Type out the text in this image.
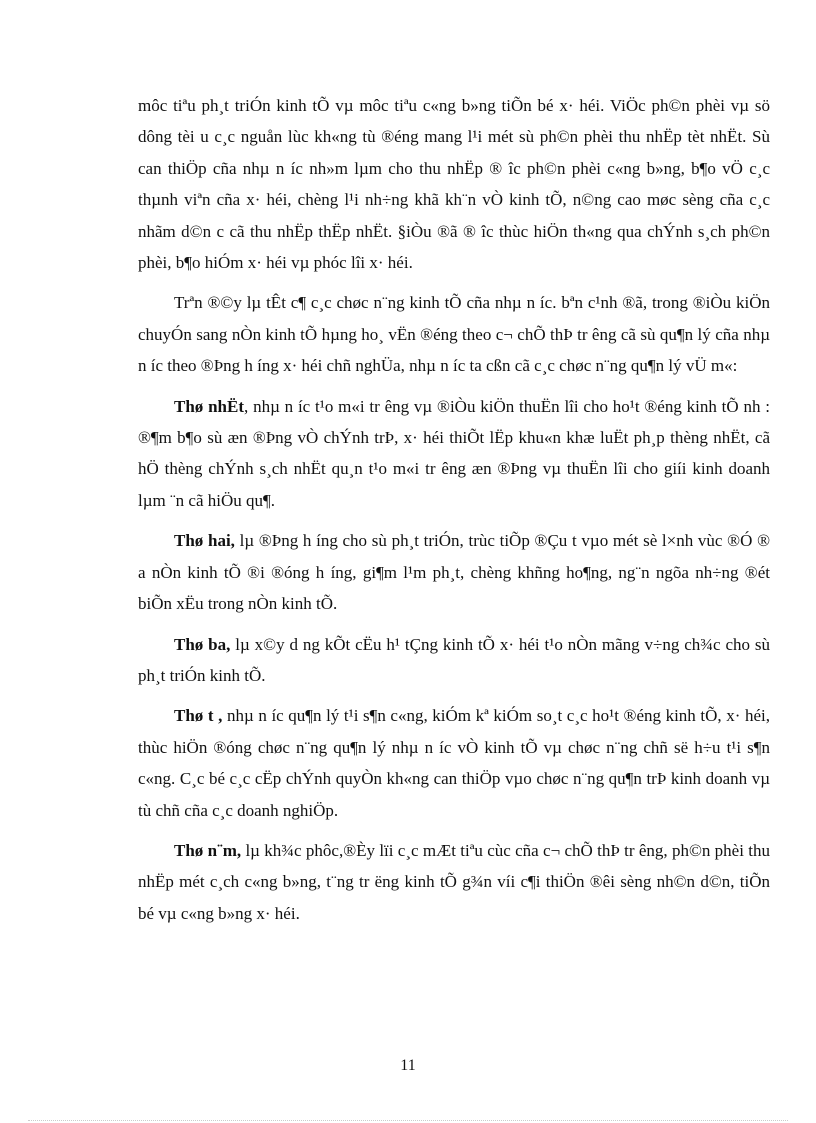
môc tiªu ph¸t triÓn kinh tÕ vµ môc tiªu c«ng b»ng tiÕn bé x· héi. ViÖc ph©n phèi vµ sö dông tèi u c¸c nguån lùc kh«ng tù ®éng mang l¹i mét sù ph©n phèi thu nhËp tèt nhËt. Sù can thiÖp cña nhµ n íc nh»m lµm cho thu nhËp ® îc ph©n phèi c«ng b»ng, b¶o vÖ c¸c thµnh viªn cña x· héi, chèng l¹i nh÷ng khã kh¨n vÒ kinh tÕ, n©ng cao møc sèng cña c¸c nhãm d©n c cã thu nhËp thËp nhËt. §iÒu ®ã ® îc thùc hiÖn th«ng qua chÝnh s¸ch ph©n phèi, b¶o hiÓm x· héi vµ phóc lîi x· héi.

Trªn ®©y lµ tÊt c¶ c¸c chøc n¨ng kinh tÕ cña nhµ n íc. bªn c¹nh ®ã, trong ®iÒu kiÖn chuyÓn sang nÒn kinh tÕ hµng ho¸ vËn ®éng theo c¬ chÕ thÞ tr êng cã sù qu¶n lý cña nhµ n íc theo ®Þng h íng x· héi chñ nghÜa, nhµ n íc ta cßn cã c¸c chøc n¨ng qu¶n lý vÜ m«:

Thø nhËt, nhµ n íc t¹o m«i tr êng vµ ®iÒu kiÖn thuËn lîi cho ho¹t ®éng kinh tÕ nh : ®¶m b¶o sù æn ®Þng vÒ chÝnh trÞ, x· héi thiÕt lËp khu«n khæ luËt ph¸p thèng nhËt, cã hÖ thèng chÝnh s¸ch nhËt qu¸n t¹o m«i tr êng æn ®Þng vµ thuËn lîi cho giíi kinh doanh lµm ¨n cã hiÖu qu¶.

Thø hai, lµ ®Þng h íng cho sù ph¸t triÓn, trùc tiÕp ®Çu t vµo mét sè l×nh vùc ®Ó ® a nÒn kinh tÕ ®i ®óng h íng, gi¶m l¹m ph¸t, chèng khñng ho¶ng, ng¨n ngõa nh÷ng ®ét biÕn xËu trong nÒn kinh tÕ.

Thø ba, lµ x©y d ng kÕt cËu h¹ tÇng kinh tÕ x· héi t¹o nÒn mãng v÷ng ch¾c cho sù ph¸t triÓn kinh tÕ.

Thø t , nhµ n íc qu¶n lý t¹i s¶n c«ng, kiÓm kª kiÓm so¸t c¸c ho¹t ®éng kinh tÕ, x· héi, thùc hiÖn ®óng chøc n¨ng qu¶n lý nhµ n íc vÒ kinh tÕ vµ chøc n¨ng chñ së h÷u t¹i s¶n c«ng. C¸c bé c¸c cËp chÝnh quyÒn kh«ng can thiÖp vµo chøc n¨ng qu¶n trÞ kinh doanh vµ tù chñ cña c¸c doanh nghiÖp.

Thø n¨m, lµ kh¾c phôc,®Èy lïi c¸c mÆt tiªu cùc cña c¬ chÕ thÞ tr êng, ph©n phèi thu nhËp mét c¸ch c«ng b»ng, t¨ng tr ëng kinh tÕ g¾n víi c¶i thiÖn ®êi sèng nh©n d©n, tiÕn bé vµ c«ng b»ng x· héi.

11
